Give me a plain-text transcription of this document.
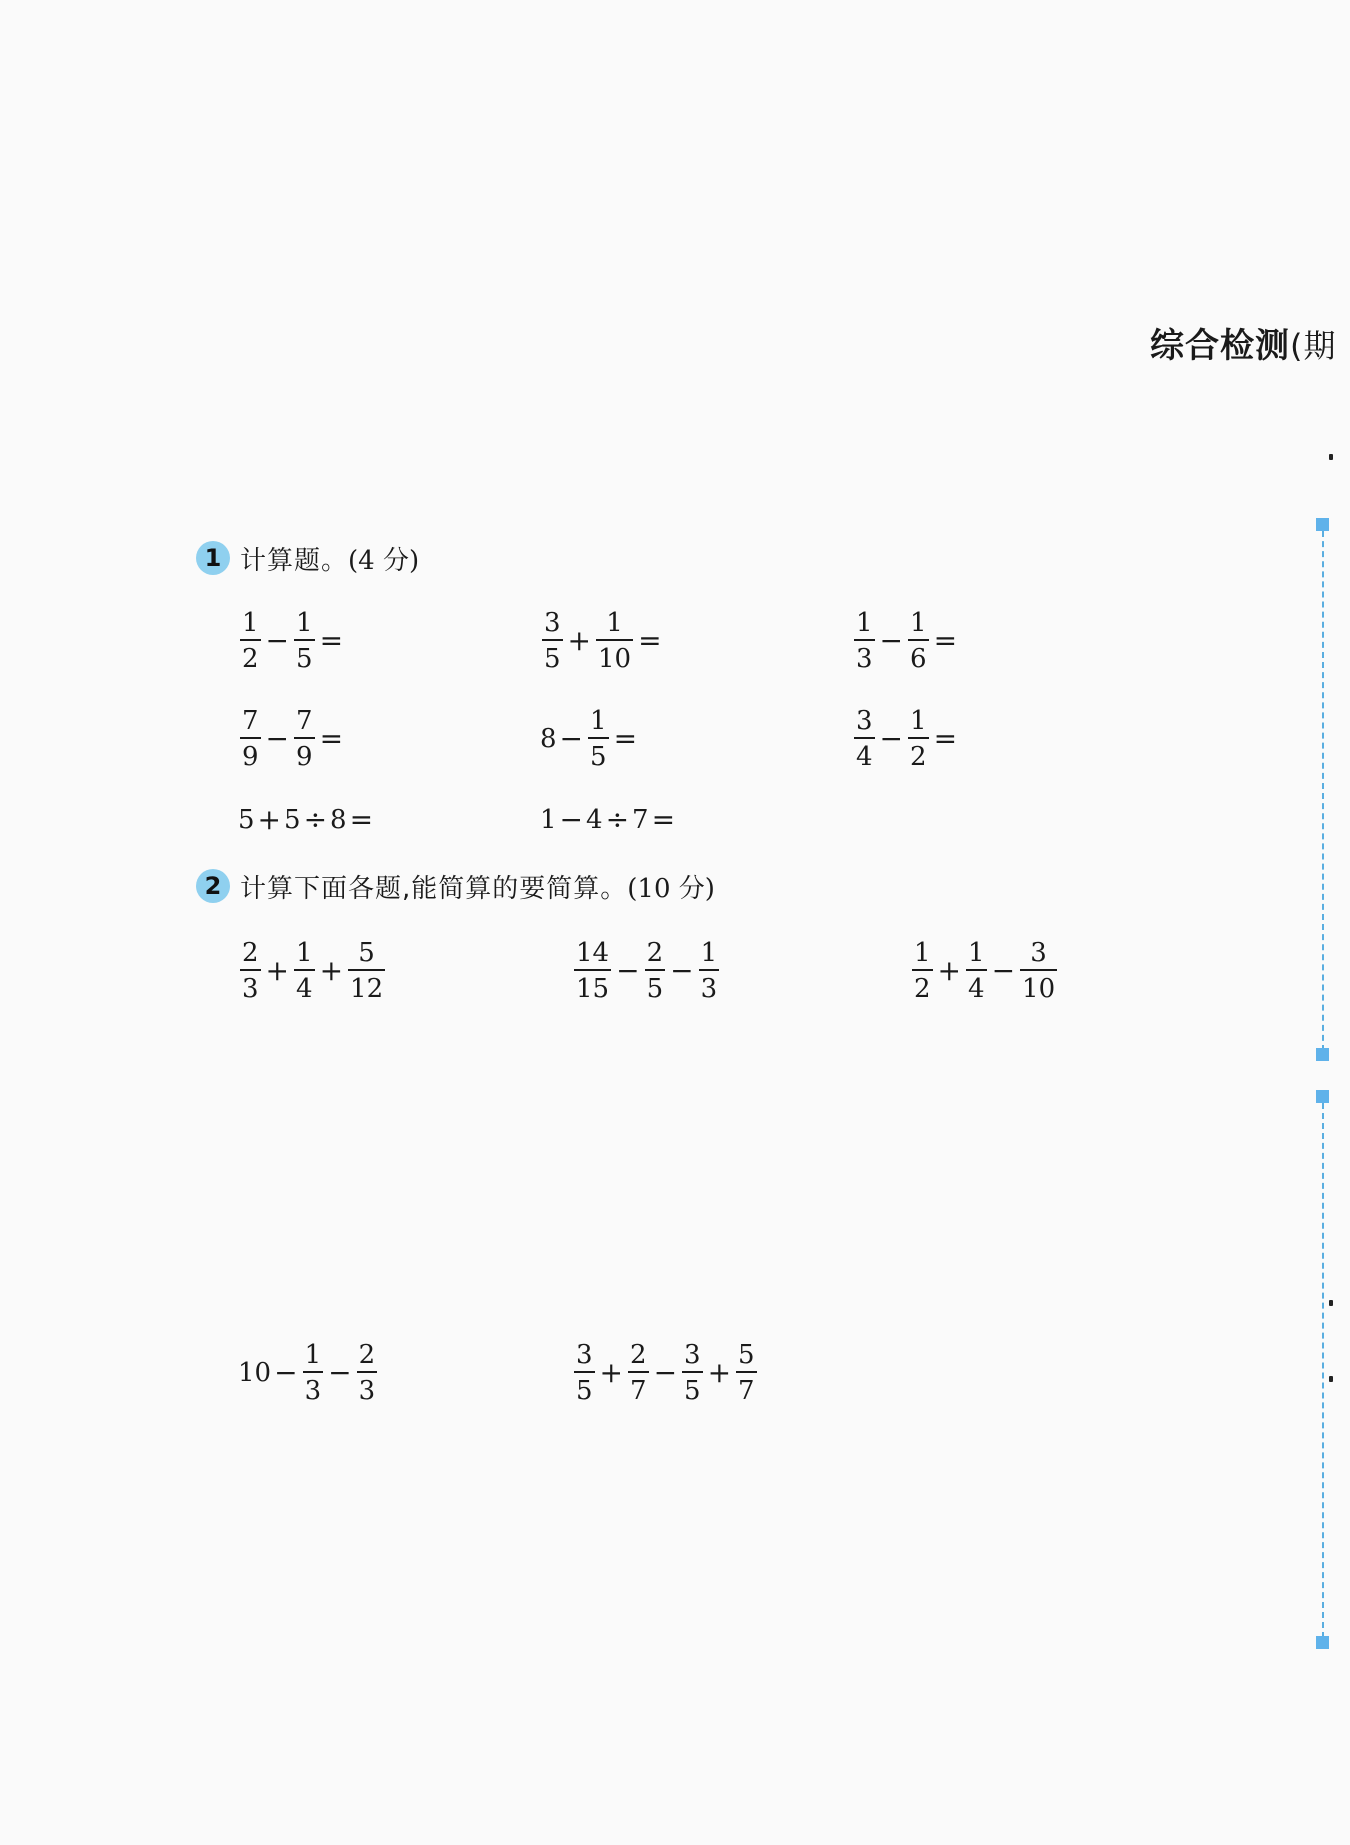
综合检测(期
1 计算题。 (4 分)
$\frac{1}{2} - \frac{1}{5}$ =	$\frac{3}{5} + \frac{1}{10}$ =	$\frac{1}{3} - \frac{1}{6}$ =
$\frac{7}{9} - \frac{7}{9}$ =	$8 - \frac{1}{5}$ =	$\frac{3}{4} - \frac{1}{2}$ =
5 + 5 ÷ 8 =	1 − 4 ÷ 7 =
2 计算下面各题,能简算的要简算。 (10 分)
$\frac{2}{3} + \frac{1}{4} + \frac{5}{12}$	$\frac{14}{15} - \frac{2}{5} - \frac{1}{3}$	$\frac{1}{2} + \frac{1}{4} - \frac{3}{10}$
$10 - \frac{1}{3} - \frac{2}{3}$	$\frac{3}{5} + \frac{2}{7} - \frac{3}{5} + \frac{5}{7}$
